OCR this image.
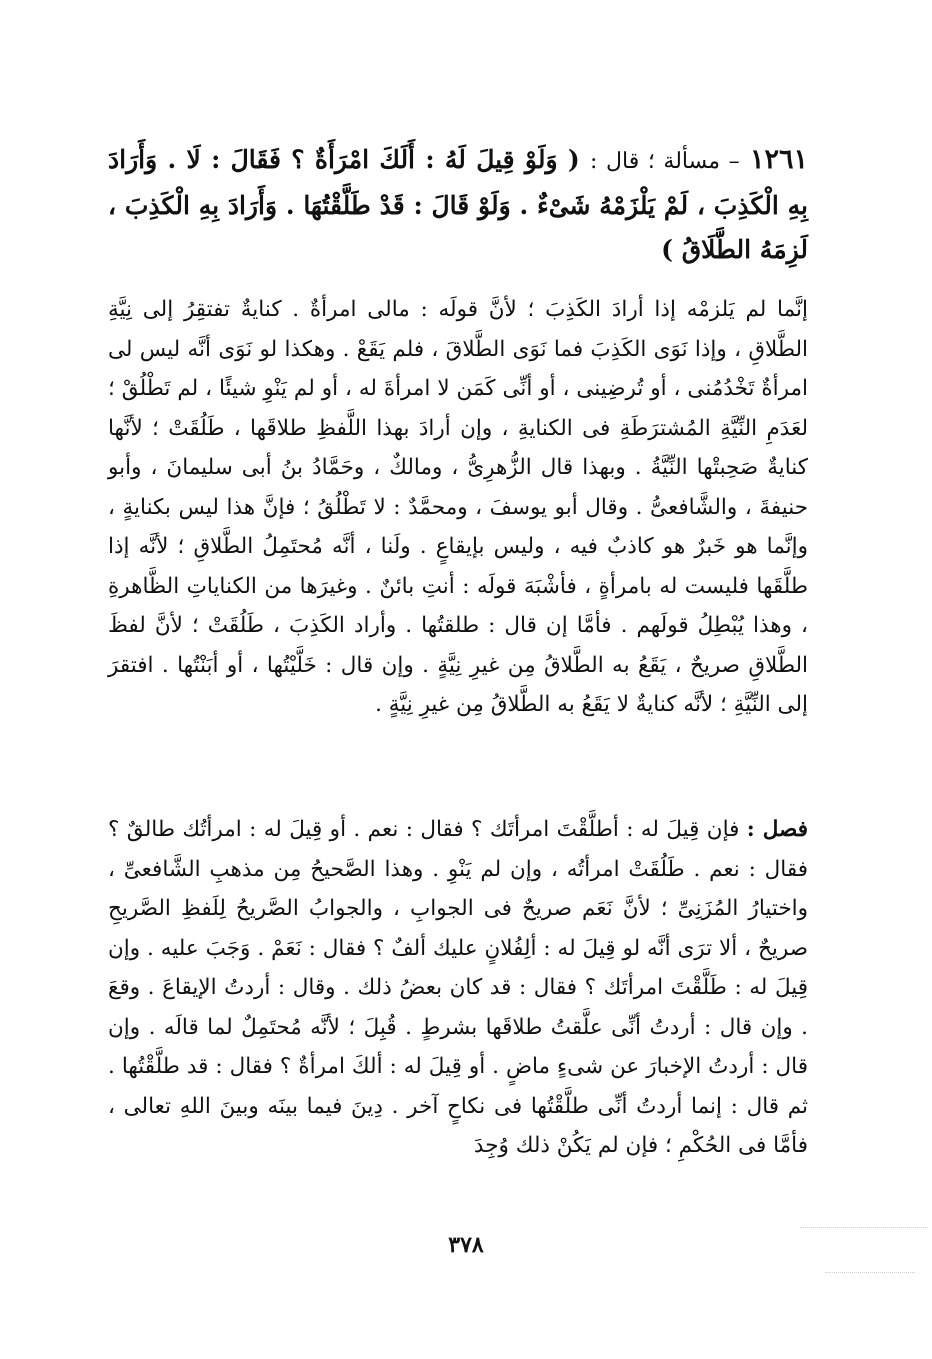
١٢٦١ – مسألة ؛ قال : ( وَلَوْ قِيلَ لَهُ : أَلَكَ امْرَأَةٌ ؟ فَقَالَ : لَا . وَأَرَادَ بِهِ الْكَذِبَ ، لَمْ يَلْزَمْهُ شَىْءٌ . وَلَوْ قَالَ : قَدْ طَلَّقْتُهَا . وَأَرَادَ بِهِ الْكَذِبَ ، لَزِمَهُ الطَّلَاقُ )
إنَّما لم يَلزمْه إذا أرادَ الكَذِبَ ؛ لأنَّ قولَه : مالى امرأةٌ . كنايةٌ تفتقِرُ إلى نِيَّةِ الطَّلاقِ ، وإذا نَوَى الكَذِبَ فما نَوَى الطَّلاقَ ، فلم يَقَعْ . وهكذا لو نَوَى أنَّه ليس لى امرأةٌ تَخْدُمُنى ، أو تُرضِينى ، أو أنِّى كَمَن لا امرأةَ له ، أو لم يَنْوِ شيئًا ، لم تَطْلُقْ ؛ لعَدَمِ النِّيَّةِ المُشترَطَةِ فى الكنايةِ ، وإن أرادَ بهذا اللَّفظِ طلاقَها ، طَلُقَتْ ؛ لأنَّها كنايةٌ صَحِبتْها النِّيَّةُ . وبهذا قال الزُّهرِىُّ ، ومالكٌ ، وحَمَّادُ بنُ أبى سليمانَ ، وأبو حنيفةَ ، والشَّافعىُّ . وقال أبو يوسفَ ، ومحمَّدٌ : لا تَطْلُقُ ؛ فإنَّ هذا ليس بكنايةٍ ، وإنَّما هو خَبرٌ هو كاذبٌ فيه ، وليس بإيقاعٍ . ولَنا ، أنَّه مُحتَمِلُ الطَّلاقِ ؛ لأنَّه إذا طلَّقَها فليست له بامرأةٍ ، فأشْبَهَ قولَه : أنتِ بائنٌ . وغيرَها من الكناياتِ الظَّاهرةِ ، وهذا يُبْطِلُ قولَهم . فأمَّا إن قال : طلقتُها . وأراد الكَذِبَ ، طَلُقَتْ ؛ لأنَّ لفظَ الطَّلاقِ صريحٌ ، يَقَعُ به الطَّلاقُ مِن غيرِ نِيَّةٍ . وإن قال : خَلَّيْتُها ، أو أبَنْتُها . افتقرَ إلى النِّيَّةِ ؛ لأنَّه كنايةٌ لا يَقَعُ به الطَّلاقُ مِن غيرِ نِيَّةٍ .
فصل : فإن قِيلَ له : أطلَّقْتَ امرأتَك ؟ فقال : نعم . أو قِيلَ له : امرأتُك طالقٌ ؟ فقال : نعم . طَلُقَتْ امرأتُه ، وإن لم يَنْوِ . وهذا الصَّحيحُ مِن مذهبِ الشَّافعىِّ ، واختيارُ المُزَنِىِّ ؛ لأنَّ نَعَم صريحٌ فى الجوابِ ، والجوابُ الصَّريحُ لِلَفظِ الصَّريحِ صريحٌ ، ألا ترَى أنَّه لو قِيلَ له : ألِفُلانٍ عليك ألفٌ ؟ فقال : نَعَمْ . وَجَبَ عليه . وإن قِيلَ له : طَلَّقْتَ امرأتَك ؟ فقال : قد كان بعضُ ذلك . وقال : أردتُ الإيقاعَ . وقعَ . وإن قال : أردتُ أنِّى علَّقتُ طلاقَها بشرطٍ . قُبِلَ ؛ لأنَّه مُحتَمِلٌ لما قالَه . وإن قال : أردتُ الإخبارَ عن شىءٍ ماضٍ . أو قِيلَ له : ألكَ امرأةٌ ؟ فقال : قد طلَّقْتُها . ثم قال : إنما أردتُ أنِّى طلَّقْتُها فى نكاحٍ آخر . دِينَ فيما بينَه وبينَ اللهِ تعالى ، فأمَّا فى الحُكْمِ ؛ فإن لم يَكُنْ ذلك وُجِدَ
٣٧٨
